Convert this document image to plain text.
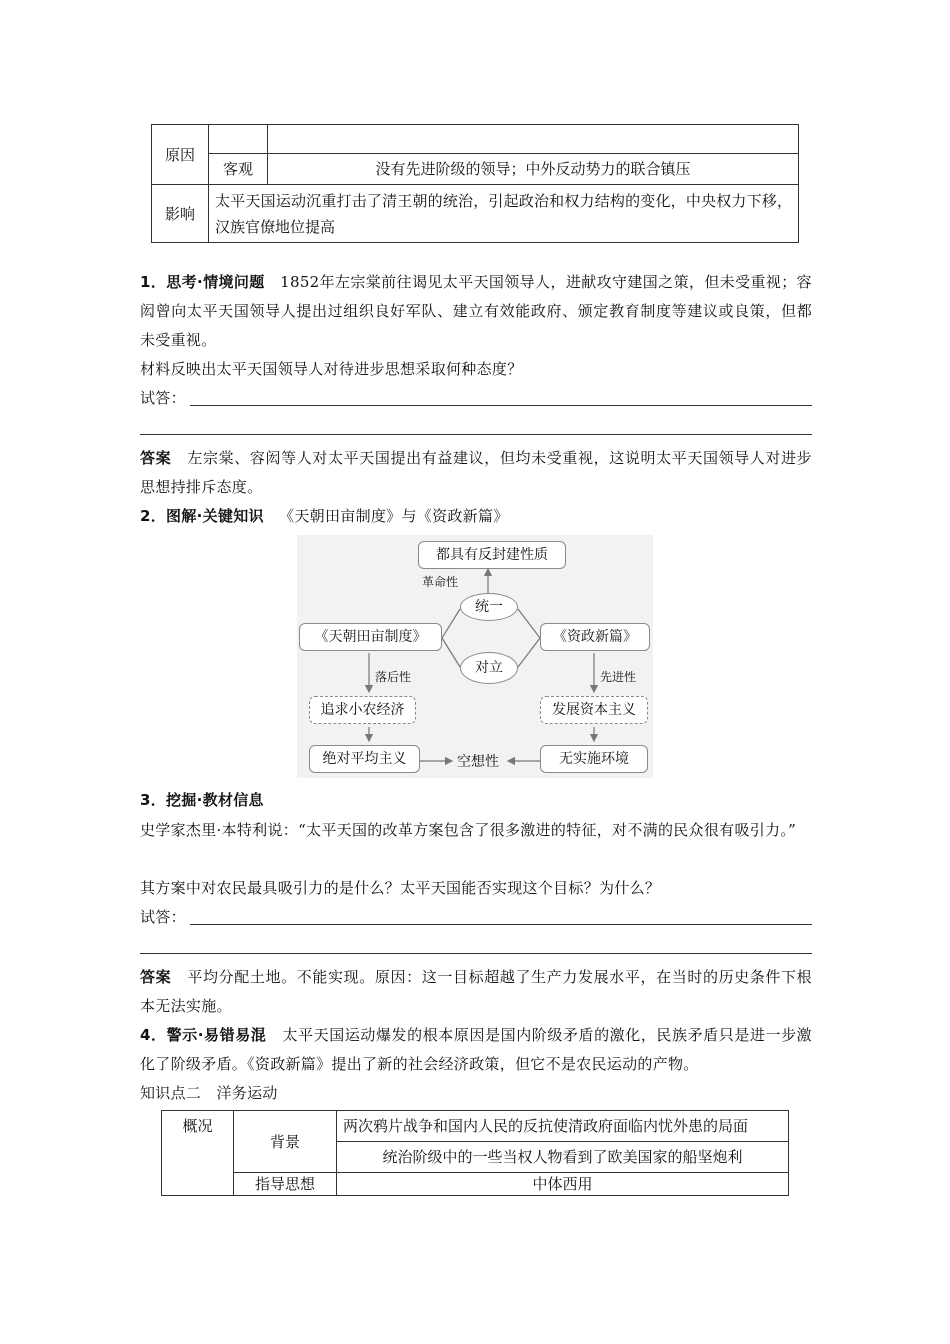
原因		
	客观	没有先进阶级的领导；中外反动势力的联合镇压
影响	太平天国运动沉重打击了清王朝的统治，引起政治和权力结构的变化，中央权力下移，汉族官僚地位提高	
1．思考·情境问题 1852年左宗棠前往谒见太平天国领导人，进献攻守建国之策，但未受重视；容闳曾向太平天国领导人提出过组织良好军队、建立有效能政府、颁定教育制度等建议或良策，但都未受重视。
材料反映出太平天国领导人对待进步思想采取何种态度？
试答：
答案 左宗棠、容闳等人对太平天国提出有益建议，但均未受重视，这说明太平天国领导人对进步思想持排斥态度。
2．图解·关键知识 《天朝田亩制度》与《资政新篇》
都具有反封建性质
革命性
统一
《天朝田亩制度》	《资政新篇》
对立
落后性	先进性
追求小农经济	发展资本主义
绝对平均主义	空想性	无实施环境
3．挖掘·教材信息
史学家杰里·本特利说：“太平天国的改革方案包含了很多激进的特征，对不满的民众很有吸引力。”
其方案中对农民最具吸引力的是什么？太平天国能否实现这个目标？为什么？
试答：
答案 平均分配土地。不能实现。原因：这一目标超越了生产力发展水平，在当时的历史条件下根本无法实施。
4．警示·易错易混 太平天国运动爆发的根本原因是国内阶级矛盾的激化，民族矛盾只是进一步激化了阶级矛盾。《资政新篇》提出了新的社会经济政策，但它不是农民运动的产物。
知识点二　洋务运动
概况	背景	两次鸦片战争和国内人民的反抗使清政府面临内忧外患的局面
		统治阶级中的一些当权人物看到了欧美国家的船坚炮利
	指导思想	中体西用
